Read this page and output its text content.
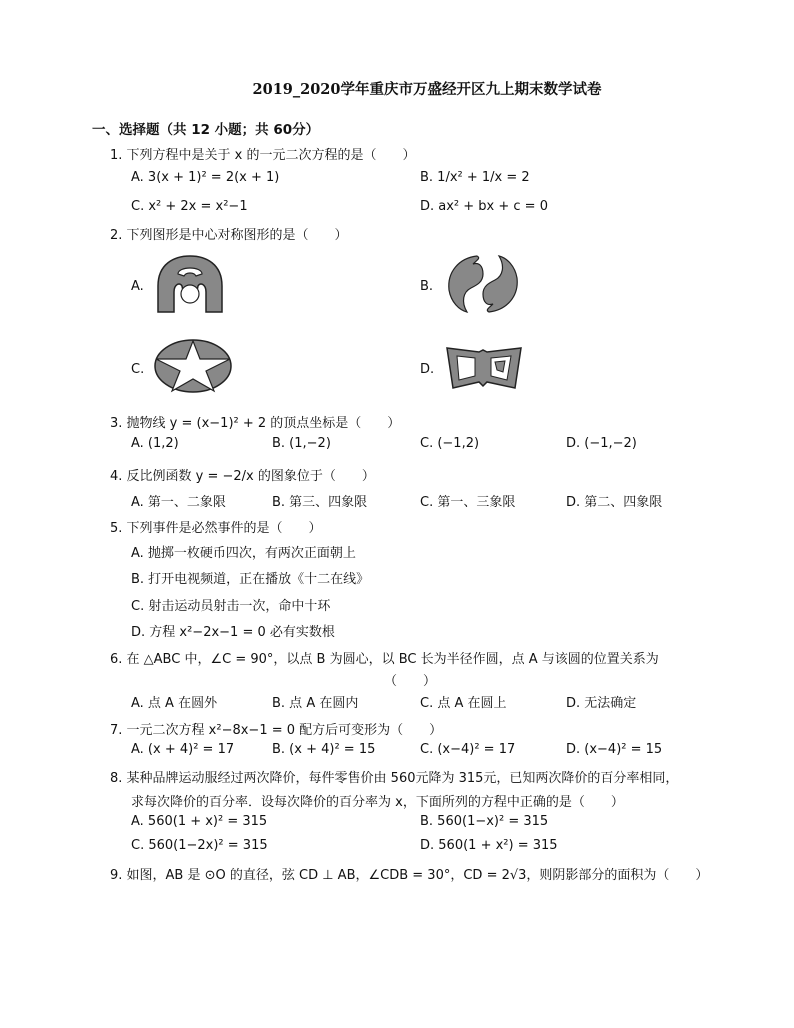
2019_2020学年重庆市万盛经开区九上期末数学试卷
一、选择题（共 12 小题；共 60分）
1. 下列方程中是关于 x 的一元二次方程的是（　　）
A. 3(x + 1)² = 2(x + 1)	B. 1/x² + 1/x = 2
C. x² + 2x = x²−1	D. ax² + bx + c = 0
2. 下列图形是中心对称图形的是（　　）
A.	B.
C.	D.
3. 抛物线 y = (x−1)² + 2 的顶点坐标是（　　）
A. (1,2)	B. (1,−2)	C. (−1,2)	D. (−1,−2)
4. 反比例函数 y = −2/x 的图象位于（　　）
A. 第一、二象限	B. 第三、四象限	C. 第一、三象限	D. 第二、四象限
5. 下列事件是必然事件的是（　　）
A. 抛掷一枚硬币四次，有两次正面朝上
B. 打开电视频道，正在播放《十二在线》
C. 射击运动员射击一次，命中十环
D. 方程 x²−2x−1 = 0 必有实数根
6. 在 △ABC 中，∠C = 90°，以点 B 为圆心，以 BC 长为半径作圆，点 A 与该圆的位置关系为
（　　）
A. 点 A 在圆外	B. 点 A 在圆内	C. 点 A 在圆上	D. 无法确定
7. 一元二次方程 x²−8x−1 = 0 配方后可变形为（　　）
A. (x + 4)² = 17	B. (x + 4)² = 15	C. (x−4)² = 17	D. (x−4)² = 15
8. 某种品牌运动服经过两次降价，每件零售价由 560元降为 315元，已知两次降价的百分率相同，
求每次降价的百分率．设每次降价的百分率为 x，下面所列的方程中正确的是（　　）
A. 560(1 + x)² = 315	B. 560(1−x)² = 315
C. 560(1−2x)² = 315	D. 560(1 + x²) = 315
9. 如图，AB 是 ⊙O 的直径，弦 CD ⊥ AB，∠CDB = 30°，CD = 2√3，则阴影部分的面积为（　　）
